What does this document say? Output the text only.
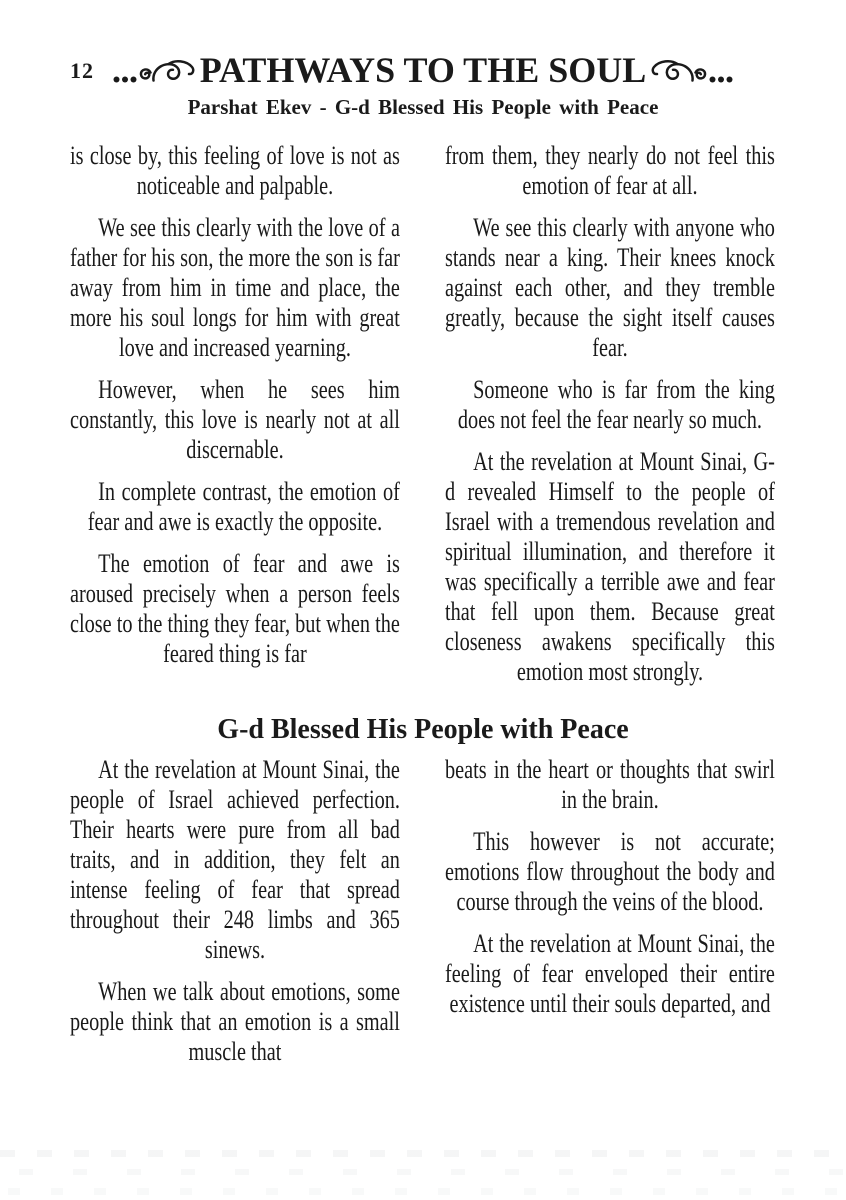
12	PATHWAYS TO THE SOUL
Parshat Ekev - G-d Blessed His People with Peace

is close by, this feeling of love is not as noticeable and palpable.

We see this clearly with the love of a father for his son, the more the son is far away from him in time and place, the more his soul longs for him with great love and increased yearning.

However, when he sees him constantly, this love is nearly not at all discernable.

In complete contrast, the emotion of fear and awe is exactly the opposite.

The emotion of fear and awe is aroused precisely when a person feels close to the thing they fear, but when the feared thing is far

from them, they nearly do not feel this emotion of fear at all.

We see this clearly with anyone who stands near a king. Their knees knock against each other, and they tremble greatly, because the sight itself causes fear.

Someone who is far from the king does not feel the fear nearly so much.

At the revelation at Mount Sinai, G-d revealed Himself to the people of Israel with a tremendous revelation and spiritual illumination, and therefore it was specifically a terrible awe and fear that fell upon them. Because great closeness awakens specifically this emotion most strongly.

G-d Blessed His People with Peace

At the revelation at Mount Sinai, the people of Israel achieved perfection. Their hearts were pure from all bad traits, and in addition, they felt an intense feeling of fear that spread throughout their 248 limbs and 365 sinews.

When we talk about emotions, some people think that an emotion is a small muscle that

beats in the heart or thoughts that swirl in the brain.

This however is not accurate; emotions flow throughout the body and course through the veins of the blood.

At the revelation at Mount Sinai, the feeling of fear enveloped their entire existence until their souls departed, and
